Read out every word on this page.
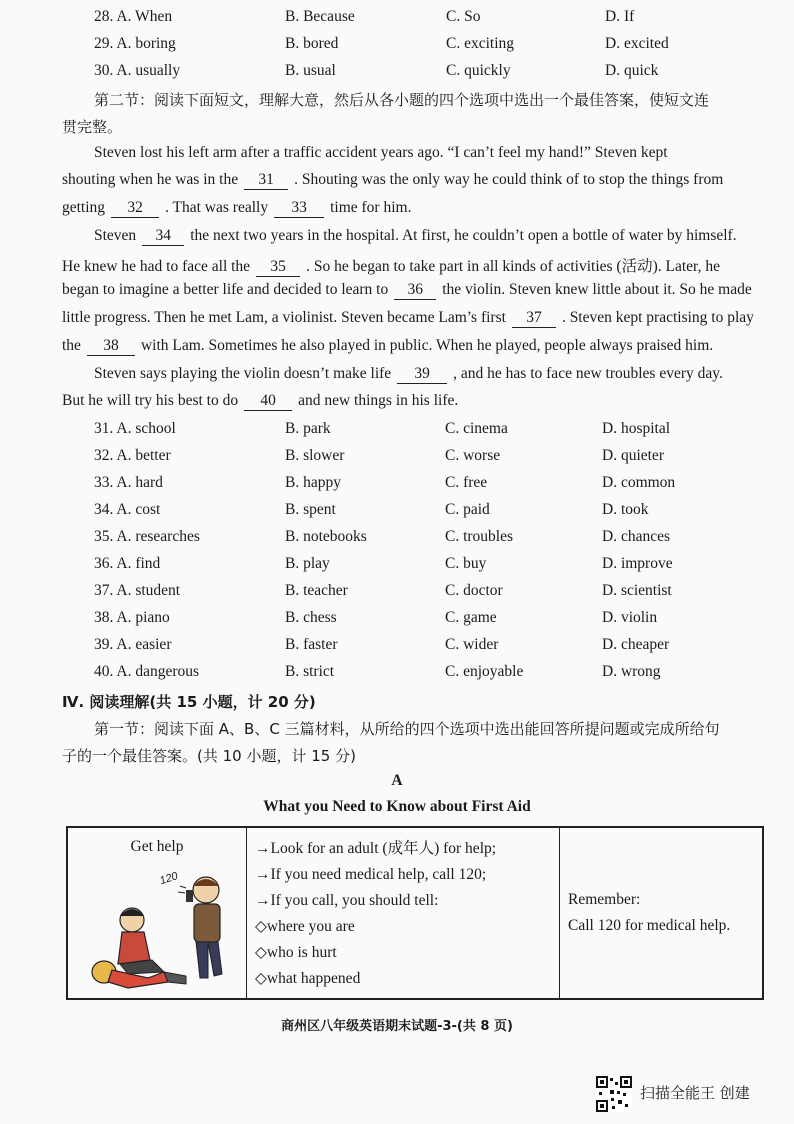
28. A. When	B. Because	C. So	D. If
29. A. boring	B. bored	C. exciting	D. excited
30. A. usually	B. usual	C. quickly	D. quick
第二节：阅读下面短文，理解大意，然后从各小题的四个选项中选出一个最佳答案，使短文连
贯完整。
Steven lost his left arm after a traffic accident years ago. “I can’t feel my hand!” Steven kept
shouting when he was in the 31 . Shouting was the only way he could think of to stop the things from
getting 32 . That was really 33 time for him.
Steven 34 the next two years in the hospital. At first, he couldn’t open a bottle of water by himself.
He knew he had to face all the 35 . So he began to take part in all kinds of activities (活动). Later, he
began to imagine a better life and decided to learn to 36 the violin. Steven knew little about it. So he made
little progress. Then he met Lam, a violinist. Steven became Lam’s first 37 . Steven kept practising to play
the 38 with Lam. Sometimes he also played in public. When he played, people always praised him.
Steven says playing the violin doesn’t make life 39 , and he has to face new troubles every day.
But he will try his best to do 40 and new things in his life.
31. A. school	B. park	C. cinema	D. hospital
32. A. better	B. slower	C. worse	D. quieter
33. A. hard	B. happy	C. free	D. common
34. A. cost	B. spent	C. paid	D. took
35. A. researches	B. notebooks	C. troubles	D. chances
36. A. find	B. play	C. buy	D. improve
37. A. student	B. teacher	C. doctor	D. scientist
38. A. piano	B. chess	C. game	D. violin
39. A. easier	B. faster	C. wider	D. cheaper
40. A. dangerous	B. strict	C. enjoyable	D. wrong
Ⅳ. 阅读理解(共 15 小题，计 20 分)
第一节：阅读下面 A、B、C 三篇材料，从所给的四个选项中选出能回答所提问题或完成所给句
子的一个最佳答案。(共 10 小题，计 15 分)
A
What you Need to Know about First Aid
Get help
120

→Look for an adult (成年人) for help;
→If you need medical help, call 120;
→If you call, you should tell:
◇where you are
◇who is hurt
◇what happened

Remember:
Call 120 for medical help.
商州区八年级英语期末试题-3-(共 8 页)
扫描全能王 创建
